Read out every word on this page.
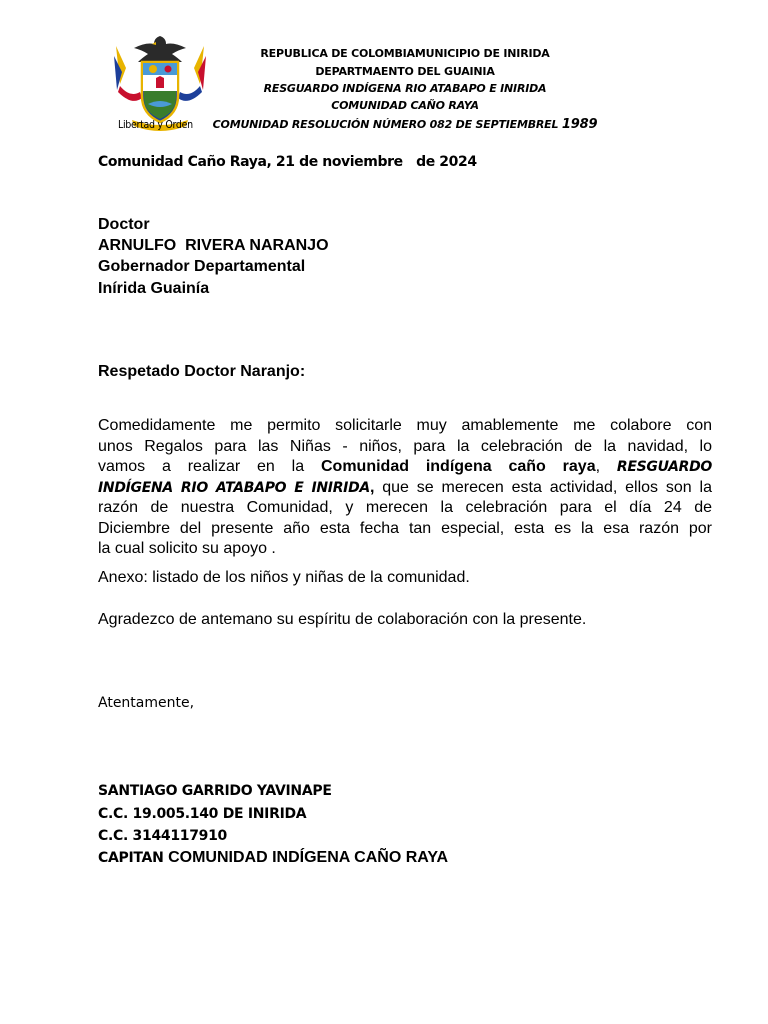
Libertad y Orden
REPUBLICA DE COLOMBIAMUNICIPIO DE INIRIDA
DEPARTMAENTO DEL GUAINIA
RESGUARDO INDÍGENA RIO ATABAPO E INIRIDA
COMUNIDAD CAÑO RAYA
COMUNIDAD RESOLUCIÓN NÚMERO 082 DE SEPTIEMBREL 1989
Comunidad Caño Raya, 21 de noviembre   de 2024
Doctor
ARNULFO  RIVERA NARANJO
Gobernador Departamental
Inírida Guainía
Respetado Doctor Naranjo:
Comedidamente me permito solicitarle muy amablemente me colabore con
unos Regalos para las Niñas - niños, para la celebración de la navidad, lo
vamos a realizar en la Comunidad indígena caño raya, RESGUARDO
INDÍGENA RIO ATABAPO E INIRIDA, que se merecen esta actividad, ellos son la
razón de nuestra Comunidad, y merecen la celebración para el día 24 de
Diciembre del presente año esta fecha tan especial, esta es la esa razón por
la cual solicito su apoyo .
Anexo: listado de los niños y niñas de la comunidad.
Agradezco de antemano su espíritu de colaboración con la presente.
Atentamente,
SANTIAGO GARRIDO YAVINAPE
C.C. 19.005.140 DE INIRIDA
C.C. 3144117910
CAPITAN COMUNIDAD INDÍGENA CAÑO RAYA
